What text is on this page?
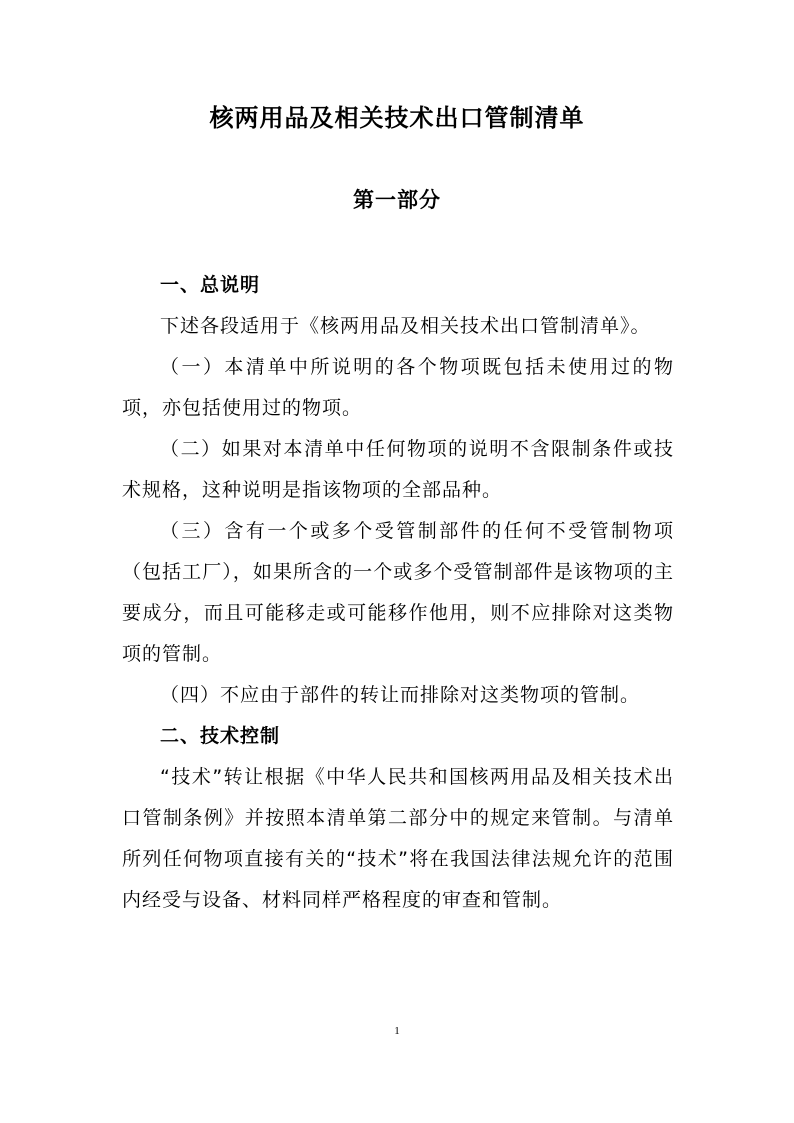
核两用品及相关技术出口管制清单
第一部分
一、总说明

下述各段适用于《核两用品及相关技术出口管制清单》。

（一）本清单中所说明的各个物项既包括未使用过的物项，亦包括使用过的物项。

（二）如果对本清单中任何物项的说明不含限制条件或技术规格，这种说明是指该物项的全部品种。

（三）含有一个或多个受管制部件的任何不受管制物项（包括工厂），如果所含的一个或多个受管制部件是该物项的主要成分，而且可能移走或可能移作他用，则不应排除对这类物项的管制。

（四）不应由于部件的转让而排除对这类物项的管制。

二、技术控制

“技术”转让根据《中华人民共和国核两用品及相关技术出口管制条例》并按照本清单第二部分中的规定来管制。与清单所列任何物项直接有关的“技术”将在我国法律法规允许的范围内经受与设备、材料同样严格程度的审查和管制。

1
